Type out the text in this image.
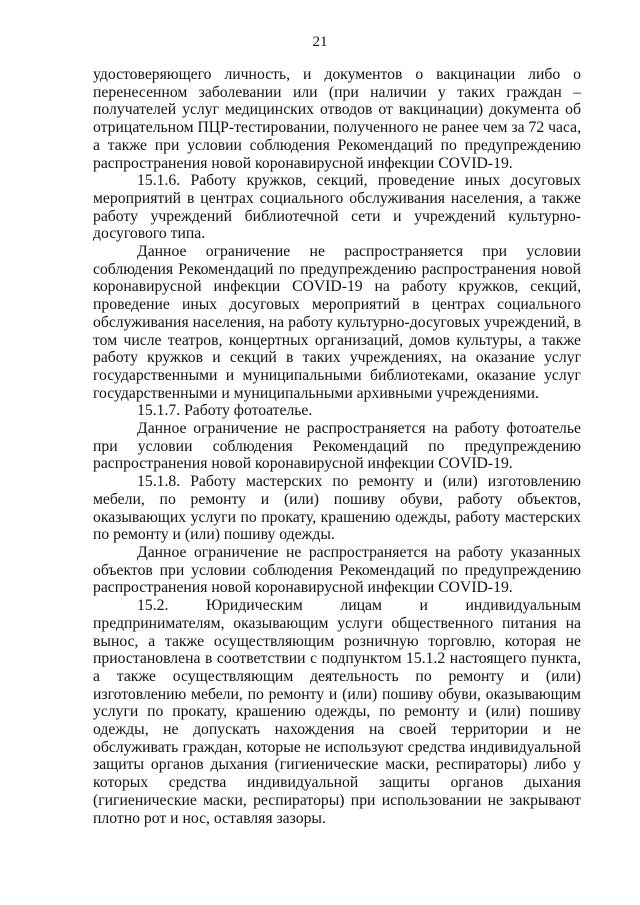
21

удостоверяющего личность, и документов о вакцинации либо о перенесенном заболевании или (при наличии у таких граждан – получателей услуг медицинских отводов от вакцинации) документа об отрицательном ПЦР-тестировании, полученного не ранее чем за 72 часа, а также при условии соблюдения Рекомендаций по предупреждению распространения новой коронавирусной инфекции COVID-19.

15.1.6. Работу кружков, секций, проведение иных досуговых мероприятий в центрах социального обслуживания населения, а также работу учреждений библиотечной сети и учреждений культурно-досугового типа.

Данное ограничение не распространяется при условии соблюдения Рекомендаций по предупреждению распространения новой коронавирусной инфекции COVID-19 на работу кружков, секций, проведение иных досуговых мероприятий в центрах социального обслуживания населения, на работу культурно-досуговых учреждений, в том числе театров, концертных организаций, домов культуры, а также работу кружков и секций в таких учреждениях, на оказание услуг государственными и муниципальными библиотеками, оказание услуг государственными и муниципальными архивными учреждениями.

15.1.7. Работу фотоателье.

Данное ограничение не распространяется на работу фотоателье при условии соблюдения Рекомендаций по предупреждению распространения новой коронавирусной инфекции COVID-19.

15.1.8. Работу мастерских по ремонту и (или) изготовлению мебели, по ремонту и (или) пошиву обуви, работу объектов, оказывающих услуги по прокату, крашению одежды, работу мастерских по ремонту и (или) пошиву одежды.

Данное ограничение не распространяется на работу указанных объектов при условии соблюдения Рекомендаций по предупреждению распространения новой коронавирусной инфекции COVID-19.

15.2. Юридическим лицам и индивидуальным предпринимателям, оказывающим услуги общественного питания на вынос, а также осуществляющим розничную торговлю, которая не приостановлена в соответствии с подпунктом 15.1.2 настоящего пункта, а также осуществляющим деятельность по ремонту и (или) изготовлению мебели, по ремонту и (или) пошиву обуви, оказывающим услуги по прокату, крашению одежды, по ремонту и (или) пошиву одежды, не допускать нахождения на своей территории и не обслуживать граждан, которые не используют средства индивидуальной защиты органов дыхания (гигиенические маски, респираторы) либо у которых средства индивидуальной защиты органов дыхания (гигиенические маски, респираторы) при использовании не закрывают плотно рот и нос, оставляя зазоры.
